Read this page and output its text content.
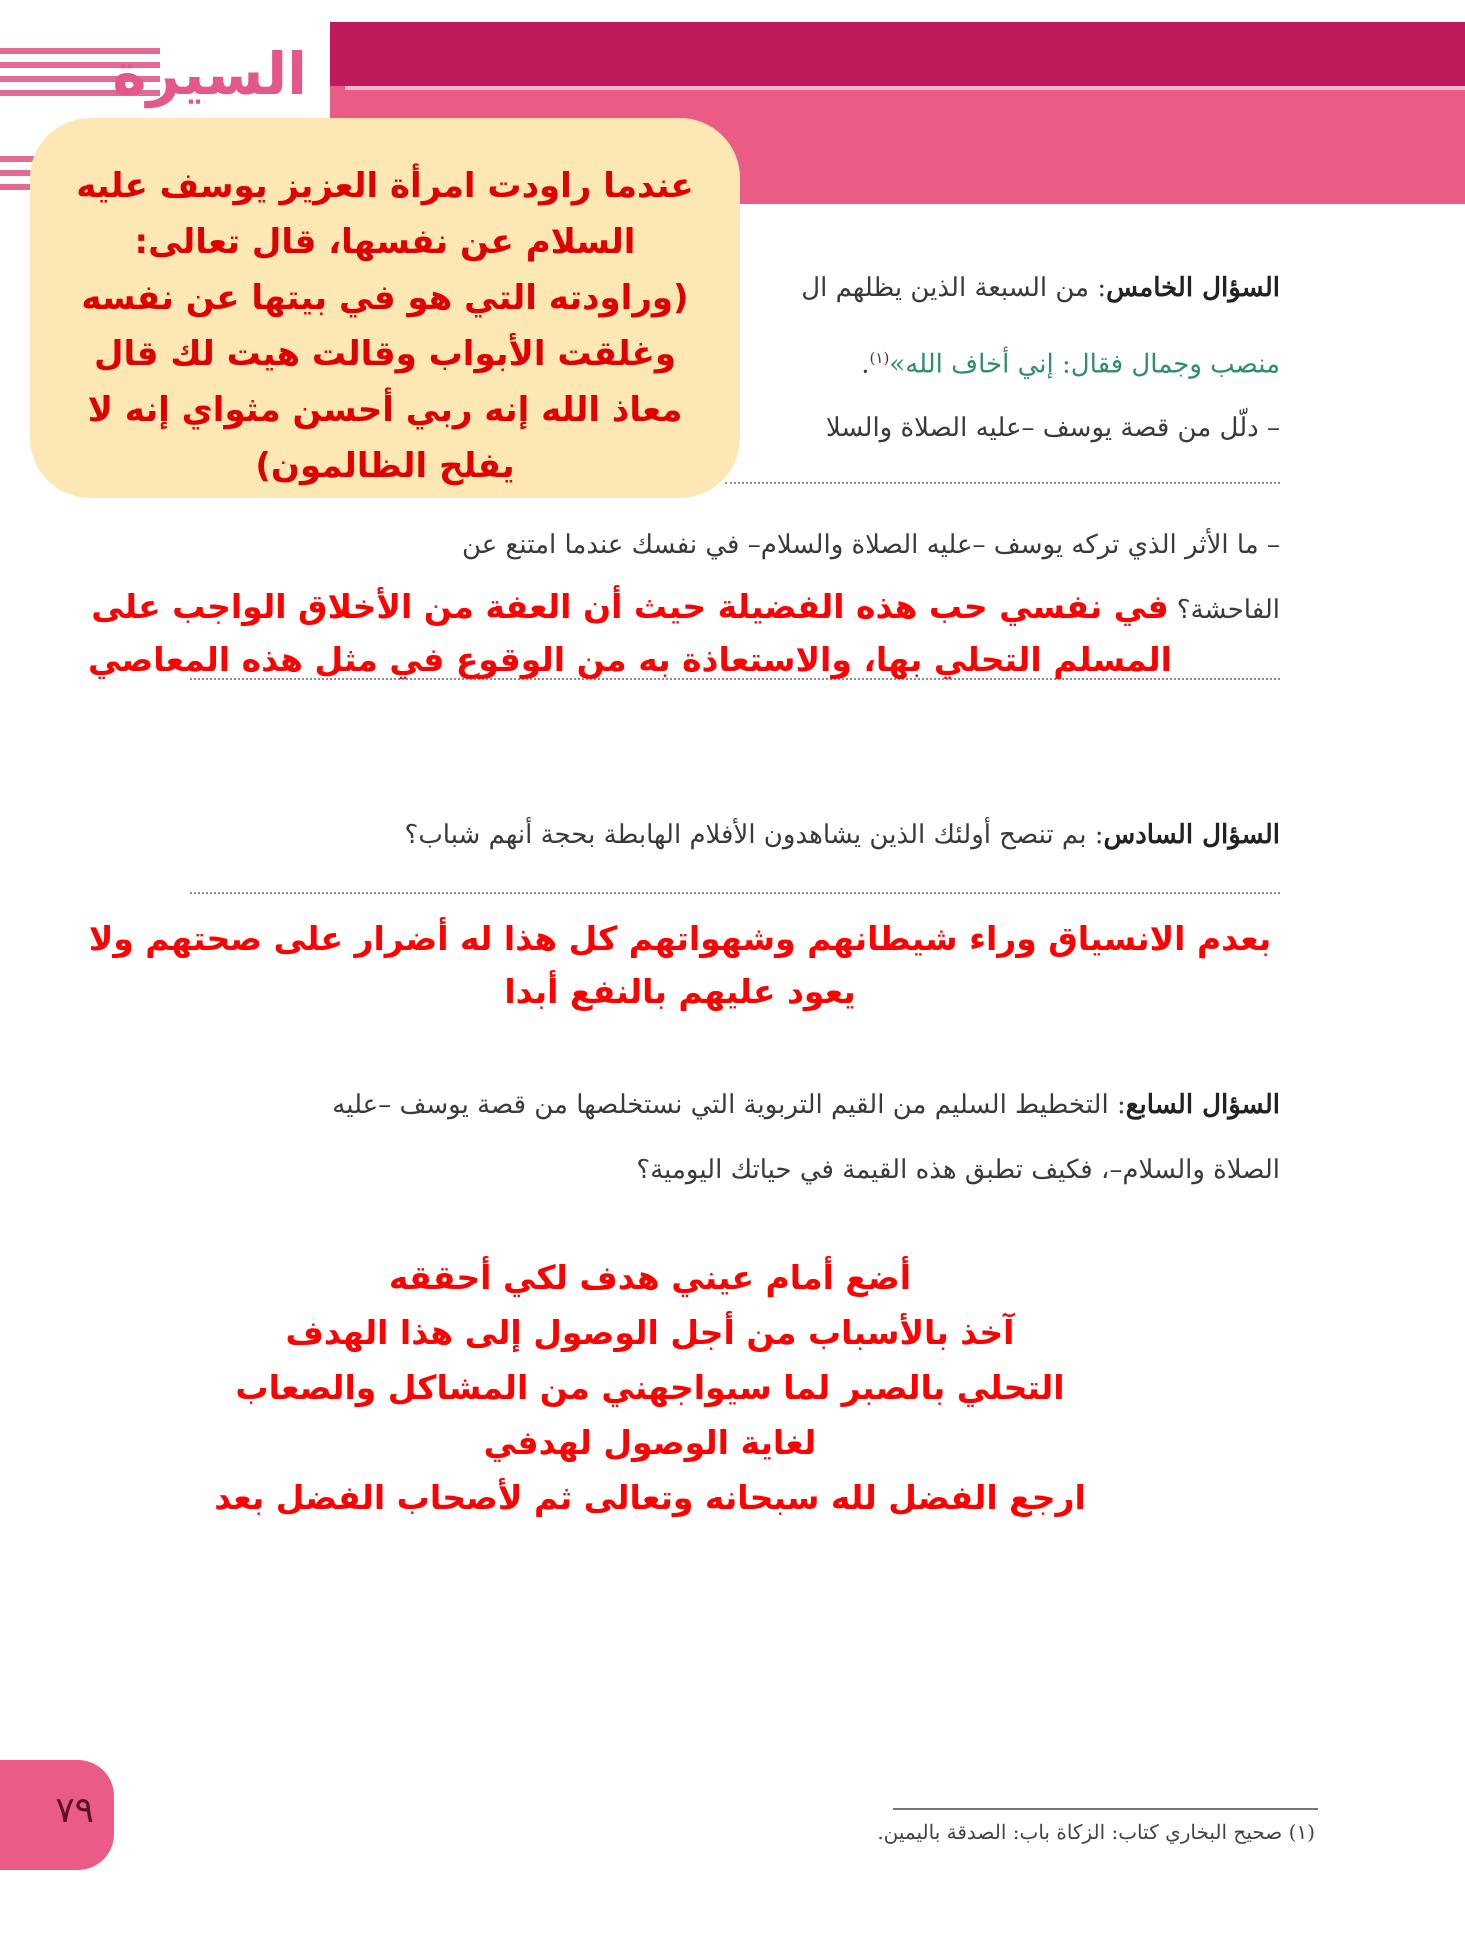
السيرة
السؤال الخامس: من السبعة الذين يظلهم ال
منصب وجمال فقال: إني أخاف الله»$^{(١)}$.
– دلّل من قصة يوسف –عليه الصلاة والسلا
– ما الأثر الذي تركه يوسف –عليه الصلاة والسلام– في نفسك عندما امتنع عن
الفاحشة؟
في نفسي حب هذه الفضيلة حيث أن العفة من الأخلاق الواجب على
المسلم التحلي بها، والاستعاذة به من الوقوع في مثل هذه المعاصي
السؤال السادس: بم تنصح أولئك الذين يشاهدون الأفلام الهابطة بحجة أنهم شباب؟
بعدم الانسياق وراء شيطانهم وشهواتهم كل هذا له أضرار على صحتهم ولا
يعود عليهم بالنفع أبدا
السؤال السابع: التخطيط السليم من القيم التربوية التي نستخلصها من قصة يوسف –عليه
الصلاة والسلام–، فكيف تطبق هذه القيمة في حياتك اليومية؟
أضع أمام عيني هدف لكي أحققه
آخذ بالأسباب من أجل الوصول إلى هذا الهدف
التحلي بالصبر لما سيواجهني من المشاكل والصعاب
لغاية الوصول لهدفي
ارجع الفضل لله سبحانه وتعالى ثم لأصحاب الفضل بعد

عندما راودت امرأة العزيز يوسف عليه السلام عن نفسها، قال تعالى: (وراودته التي هو في بيتها عن نفسه وغلقت الأبواب وقالت هيت لك قال معاذ الله إنه ربي أحسن مثواي إنه لا يفلح الظالمون)

٧٩
(١) صحيح البخاري كتاب: الزكاة باب: الصدقة باليمين.
